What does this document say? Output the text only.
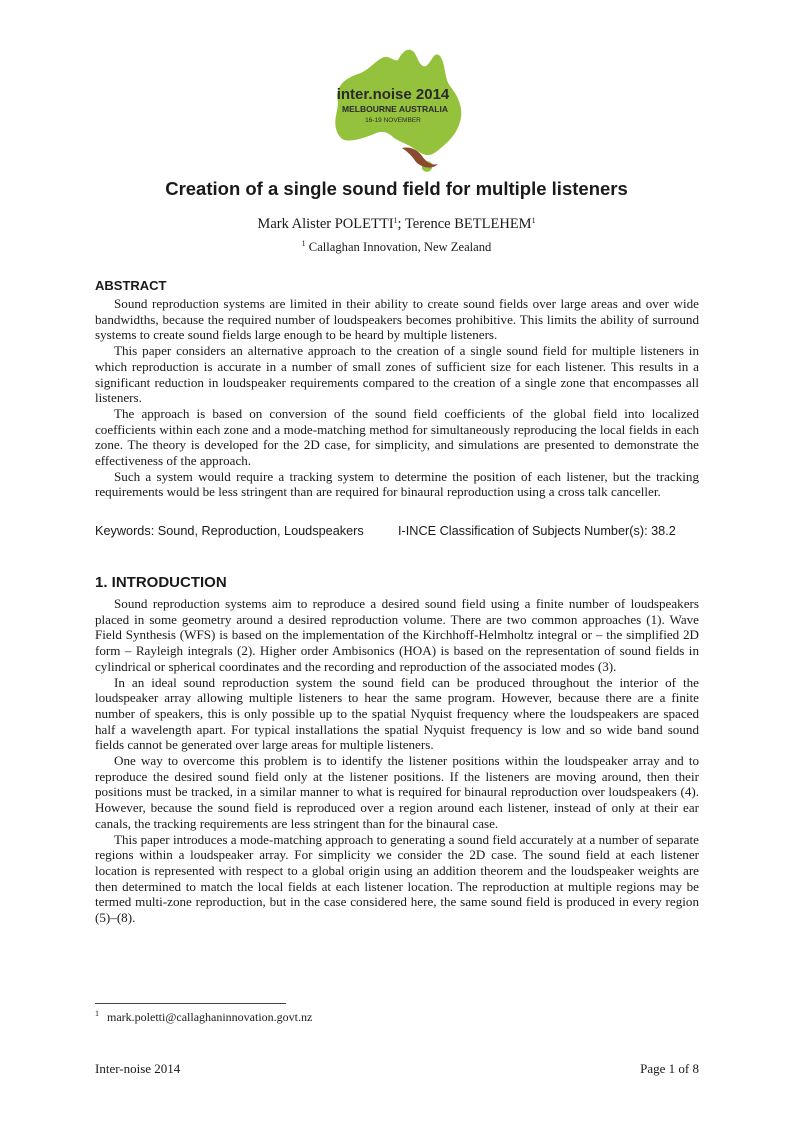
inter.noise 2014
MELBOURNE AUSTRALIA
16-19 NOVEMBER
Creation of a single sound field for multiple listeners
Mark Alister POLETTI$^1$; Terence BETLEHEM$^1$
$^1$ Callaghan Innovation, New Zealand
ABSTRACT

Sound reproduction systems are limited in their ability to create sound fields over large areas and over wide bandwidths, because the required number of loudspeakers becomes prohibitive. This limits the ability of surround systems to create sound fields large enough to be heard by multiple listeners.

This paper considers an alternative approach to the creation of a single sound field for multiple listeners in which reproduction is accurate in a number of small zones of sufficient size for each listener. This results in a significant reduction in loudspeaker requirements compared to the creation of a single zone that encompasses all listeners.

The approach is based on conversion of the sound field coefficients of the global field into localized coefficients within each zone and a mode-matching method for simultaneously reproducing the local fields in each zone. The theory is developed for the 2D case, for simplicity, and simulations are presented to demonstrate the effectiveness of the approach.

Such a system would require a tracking system to determine the position of each listener, but the tracking requirements would be less stringent than are required for binaural reproduction using a cross talk canceller.

Keywords: Sound, Reproduction, Loudspeakers	I-INCE Classification of Subjects Number(s): 38.2
1. INTRODUCTION

Sound reproduction systems aim to reproduce a desired sound field using a finite number of loudspeakers placed in some geometry around a desired reproduction volume. There are two common approaches (1). Wave Field Synthesis (WFS) is based on the implementation of the Kirchhoff-Helmholtz integral or – the simplified 2D form – Rayleigh integrals (2). Higher order Ambisonics (HOA) is based on the representation of sound fields in cylindrical or spherical coordinates and the recording and reproduction of the associated modes (3).

In an ideal sound reproduction system the sound field can be produced throughout the interior of the loudspeaker array allowing multiple listeners to hear the same program. However, because there are a finite number of speakers, this is only possible up to the spatial Nyquist frequency where the loudspeakers are spaced half a wavelength apart. For typical installations the spatial Nyquist frequency is low and so wide band sound fields cannot be generated over large areas for multiple listeners.

One way to overcome this problem is to identify the listener positions within the loudspeaker array and to reproduce the desired sound field only at the listener positions. If the listeners are moving around, then their positions must be tracked, in a similar manner to what is required for binaural reproduction over loudspeakers (4). However, because the sound field is reproduced over a region around each listener, instead of only at their ear canals, the tracking requirements are less stringent than for the binaural case.

This paper introduces a mode-matching approach to generating a sound field accurately at a number of separate regions within a loudspeaker array. For simplicity we consider the 2D case. The sound field at each listener location is represented with respect to a global origin using an addition theorem and the loudspeaker weights are then determined to match the local fields at each listener location. The reproduction at multiple regions may be termed multi-zone reproduction, but in the case considered here, the same sound field is produced in every region (5)–(8).

$^1$ mark.poletti@callaghaninnovation.govt.nz
Inter-noise 2014	Page 1 of 8
